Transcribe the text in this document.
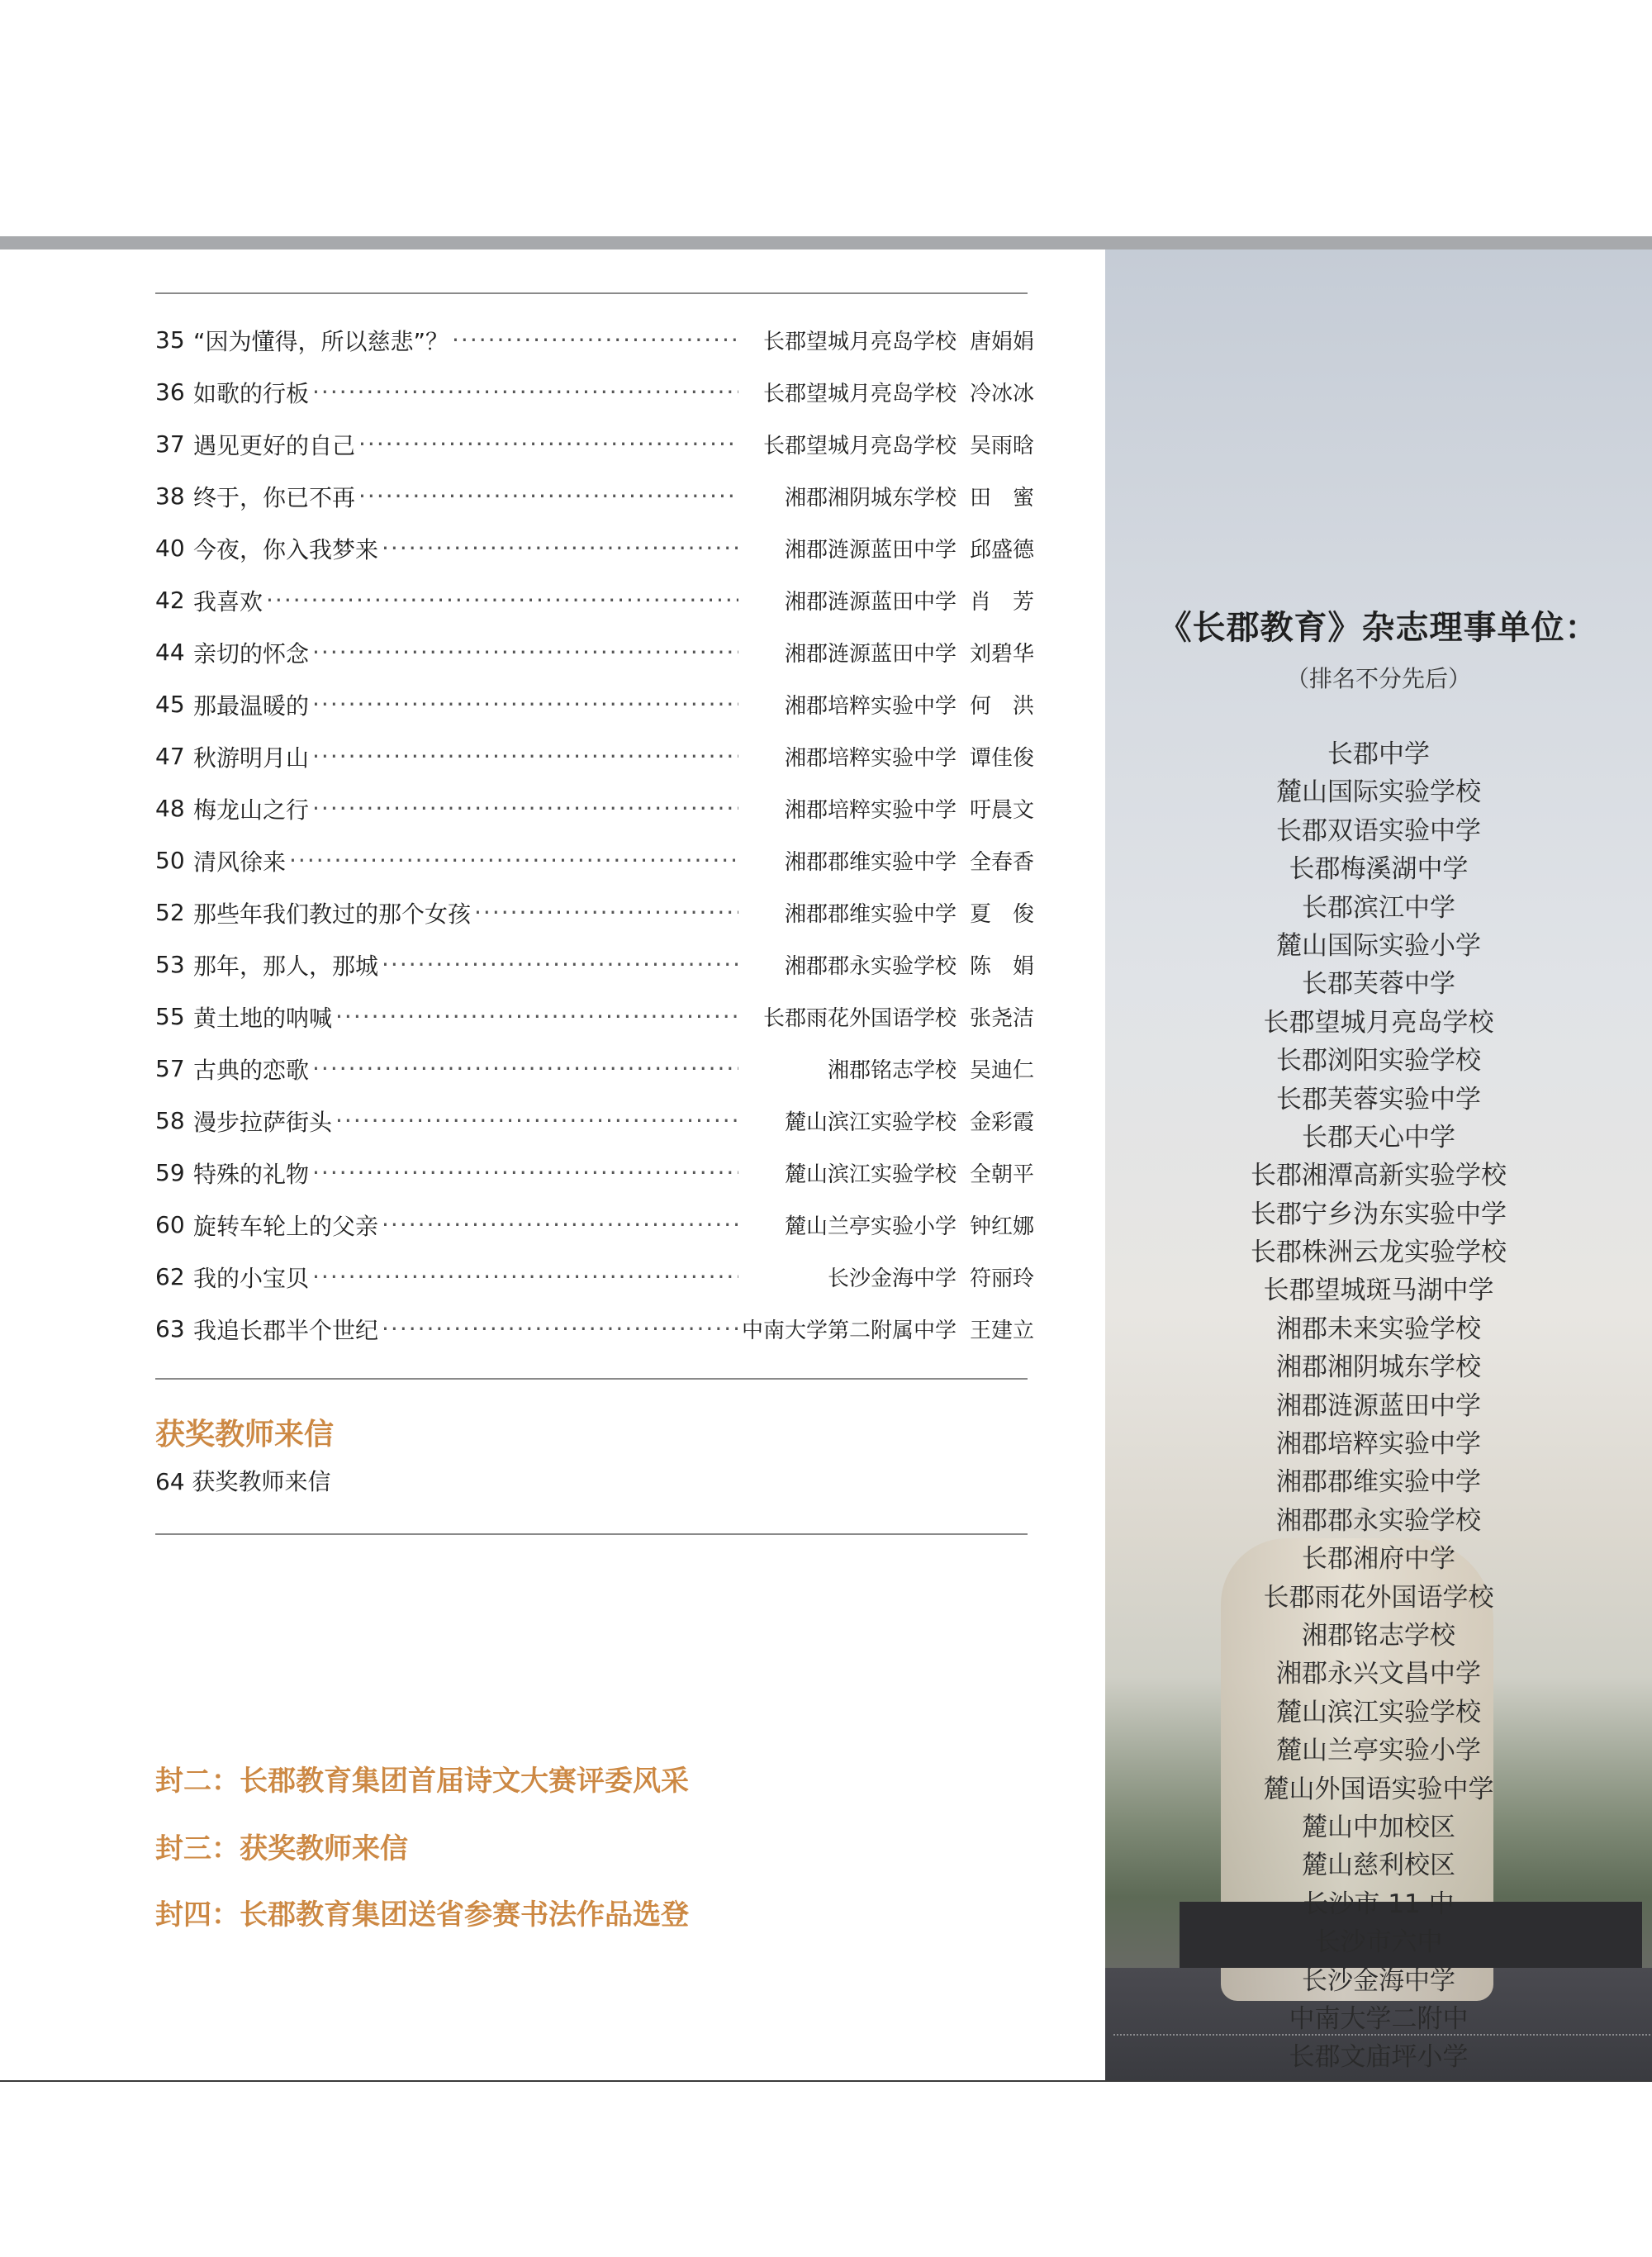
35 “因为懂得，所以慈悲”？ ·····	长郡望城月亮岛学校 唐娟娟
36 如歌的行板 ·····	长郡望城月亮岛学校 冷冰冰
37 遇见更好的自己 ·····	长郡望城月亮岛学校 吴雨晗
38 终于，你已不再 ·····	湘郡湘阴城东学校 田　蜜
40 今夜，你入我梦来 ·····	湘郡涟源蓝田中学 邱盛德
42 我喜欢 ·····	湘郡涟源蓝田中学 肖　芳
44 亲切的怀念 ·····	湘郡涟源蓝田中学 刘碧华
45 那最温暖的 ·····	湘郡培粹实验中学 何　洪
47 秋游明月山 ·····	湘郡培粹实验中学 谭佳俊
48 梅龙山之行 ·····	湘郡培粹实验中学 吁晨文
50 清风徐来 ·····	湘郡郡维实验中学 全春香
52 那些年我们教过的那个女孩 ·····	湘郡郡维实验中学 夏　俊
53 那年，那人，那城 ·····	湘郡郡永实验学校 陈　娟
55 黄土地的呐喊 ·····	长郡雨花外国语学校 张尧洁
57 古典的恋歌 ·····	湘郡铭志学校 吴迪仁
58 漫步拉萨街头 ·····	麓山滨江实验学校 金彩霞
59 特殊的礼物 ·····	麓山滨江实验学校 全朝平
60 旋转车轮上的父亲 ·····	麓山兰亭实验小学 钟红娜
62 我的小宝贝 ·····	长沙金海中学 符丽玲
63 我追长郡半个世纪 ·····	中南大学第二附属中学 王建立
获奖教师来信
64 获奖教师来信
封二：长郡教育集团首届诗文大赛评委风采
封三：获奖教师来信
封四：长郡教育集团送省参赛书法作品选登
《长郡教育》杂志理事单位：
（排名不分先后）
长郡中学
麓山国际实验学校
长郡双语实验中学
长郡梅溪湖中学
长郡滨江中学
麓山国际实验小学
长郡芙蓉中学
长郡望城月亮岛学校
长郡浏阳实验学校
长郡芙蓉实验中学
长郡天心中学
长郡湘潭高新实验学校
长郡宁乡沩东实验中学
长郡株洲云龙实验学校
长郡望城斑马湖中学
湘郡未来实验学校
湘郡湘阴城东学校
湘郡涟源蓝田中学
湘郡培粹实验中学
湘郡郡维实验中学
湘郡郡永实验学校
长郡湘府中学
长郡雨花外国语学校
湘郡铭志学校
湘郡永兴文昌中学
麓山滨江实验学校
麓山兰亭实验小学
麓山外国语实验中学
麓山中加校区
麓山慈利校区
长沙市 11 中
长沙市六中
长沙金海中学
中南大学二附中
长郡文庙坪小学
